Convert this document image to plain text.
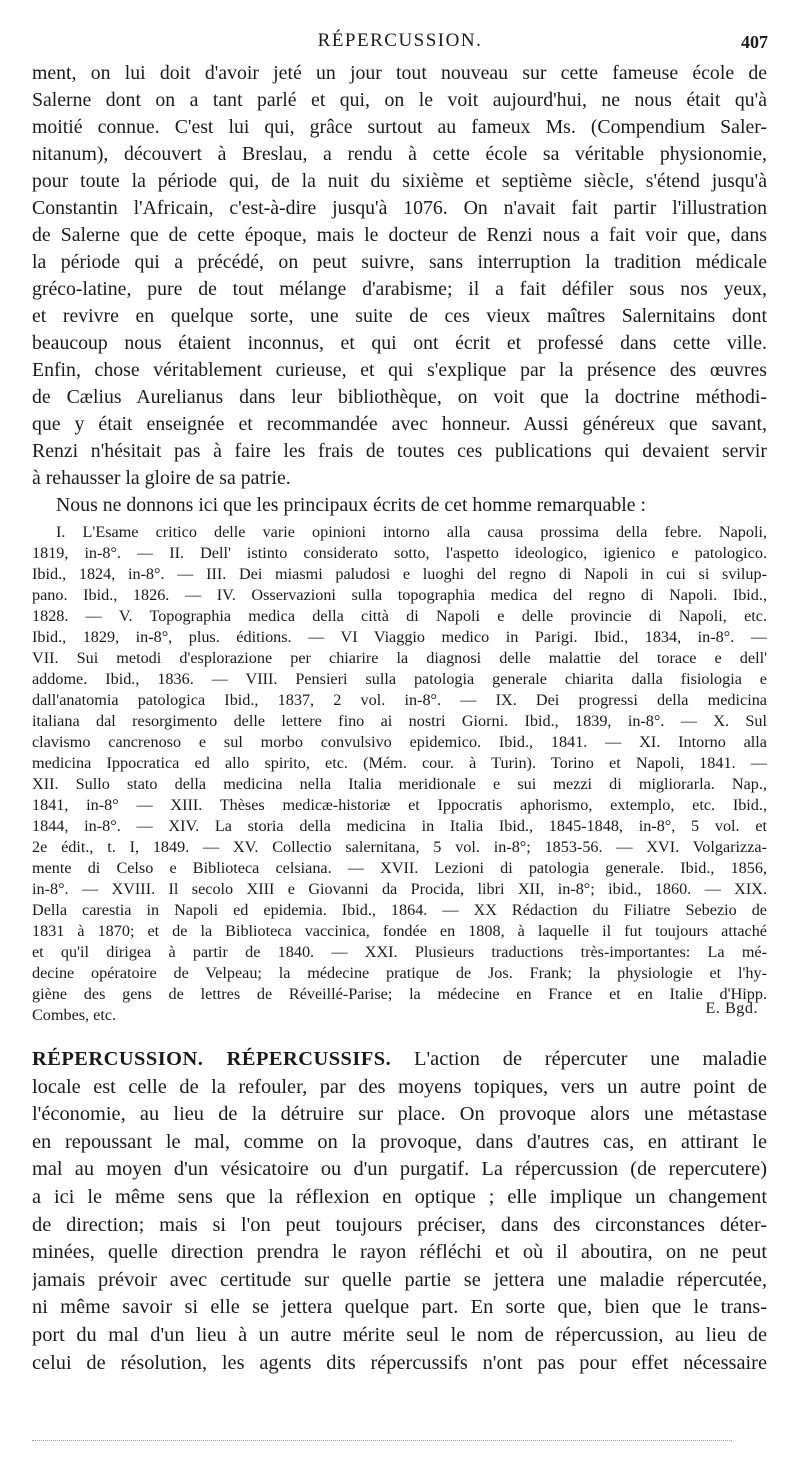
RÉPERCUSSION.	407
ment, on lui doit d'avoir jeté un jour tout nouveau sur cette fameuse école de
Salerne dont on a tant parlé et qui, on le voit aujourd'hui, ne nous était qu'à
moitié connue. C'est lui qui, grâce surtout au fameux Ms. (Compendium Saler-
nitanum), découvert à Breslau, a rendu à cette école sa véritable physionomie,
pour toute la période qui, de la nuit du sixième et septième siècle, s'étend jusqu'à
Constantin l'Africain, c'est-à-dire jusqu'à 1076. On n'avait fait partir l'illustration
de Salerne que de cette époque, mais le docteur de Renzi nous a fait voir que, dans
la période qui a précédé, on peut suivre, sans interruption la tradition médicale
gréco-latine, pure de tout mélange d'arabisme; il a fait défiler sous nos yeux,
et revivre en quelque sorte, une suite de ces vieux maîtres Salernitains dont
beaucoup nous étaient inconnus, et qui ont écrit et professé dans cette ville.
Enfin, chose véritablement curieuse, et qui s'explique par la présence des œuvres
de Cælius Aurelianus dans leur bibliothèque, on voit que la doctrine méthodi-
que y était enseignée et recommandée avec honneur. Aussi généreux que savant,
Renzi n'hésitait pas à faire les frais de toutes ces publications qui devaient servir
à rehausser la gloire de sa patrie.
Nous ne donnons ici que les principaux écrits de cet homme remarquable :
I. L'Esame critico delle varie opinioni intorno alla causa prossima della febre. Napoli,
1819, in-8°. — II. Dell' istinto considerato sotto, l'aspetto ideologico, igienico e patologico.
Ibid., 1824, in-8°. — III. Dei miasmi paludosi e luoghi del regno di Napoli in cui si svilup-
pano. Ibid., 1826. — IV. Osservazioni sulla topographia medica del regno di Napoli. Ibid.,
1828. — V. Topographia medica della città di Napoli e delle provincie di Napoli, etc.
Ibid., 1829, in-8°, plus. éditions. — VI Viaggio medico in Parigi. Ibid., 1834, in-8°. —
VII. Sui metodi d'esplorazione per chiarire la diagnosi delle malattie del torace e dell'
addome. Ibid., 1836. — VIII. Pensieri sulla patologia generale chiarita dalla fisiologia e
dall'anatomia patologica Ibid., 1837, 2 vol. in-8°. — IX. Dei progressi della medicina
italiana dal resorgimento delle lettere fino ai nostri Giorni. Ibid., 1839, in-8°. — X. Sul
clavismo cancrenoso e sul morbo convulsivo epidemico. Ibid., 1841. — XI. Intorno alla
medicina Ippocratica ed allo spirito, etc. (Mém. cour. à Turin). Torino et Napoli, 1841. —
XII. Sullo stato della medicina nella Italia meridionale e sui mezzi di migliorarla. Nap.,
1841, in-8° — XIII. Thèses medicæ-historiæ et Ippocratis aphorismo, extemplo, etc. Ibid.,
1844, in-8°. — XIV. La storia della medicina in Italia Ibid., 1845-1848, in-8°, 5 vol. et
2e édit., t. I, 1849. — XV. Collectio salernitana, 5 vol. in-8°; 1853-56. — XVI. Volgarizza-
mente di Celso e Biblioteca celsiana. — XVII. Lezioni di patologia generale. Ibid., 1856,
in-8°. — XVIII. Il secolo XIII e Giovanni da Procida, libri XII, in-8°; ibid., 1860. — XIX.
Della carestia in Napoli ed epidemia. Ibid., 1864. — XX Rédaction du Filiatre Sebezio de
1831 à 1870; et de la Biblioteca vaccinica, fondée en 1808, à laquelle il fut toujours attaché
et qu'il dirigea à partir de 1840. — XXI. Plusieurs traductions très-importantes: La mé-
decine opératoire de Velpeau; la médecine pratique de Jos. Frank; la physiologie et l'hy-
giène des gens de lettres de Réveillé-Parise; la médecine en France et en Italie d'Hipp.
Combes, etc.	E. Bgd.
RÉPERCUSSION. RÉPERCUSSIFS. L'action de répercuter une maladie
locale est celle de la refouler, par des moyens topiques, vers un autre point de
l'économie, au lieu de la détruire sur place. On provoque alors une métastase
en repoussant le mal, comme on la provoque, dans d'autres cas, en attirant le
mal au moyen d'un vésicatoire ou d'un purgatif. La répercussion (de repercutere)
a ici le même sens que la réflexion en optique ; elle implique un changement
de direction; mais si l'on peut toujours préciser, dans des circonstances déter-
minées, quelle direction prendra le rayon réfléchi et où il aboutira, on ne peut
jamais prévoir avec certitude sur quelle partie se jettera une maladie répercutée,
ni même savoir si elle se jettera quelque part. En sorte que, bien que le trans-
port du mal d'un lieu à un autre mérite seul le nom de répercussion, au lieu de
celui de résolution, les agents dits répercussifs n'ont pas pour effet nécessaire
